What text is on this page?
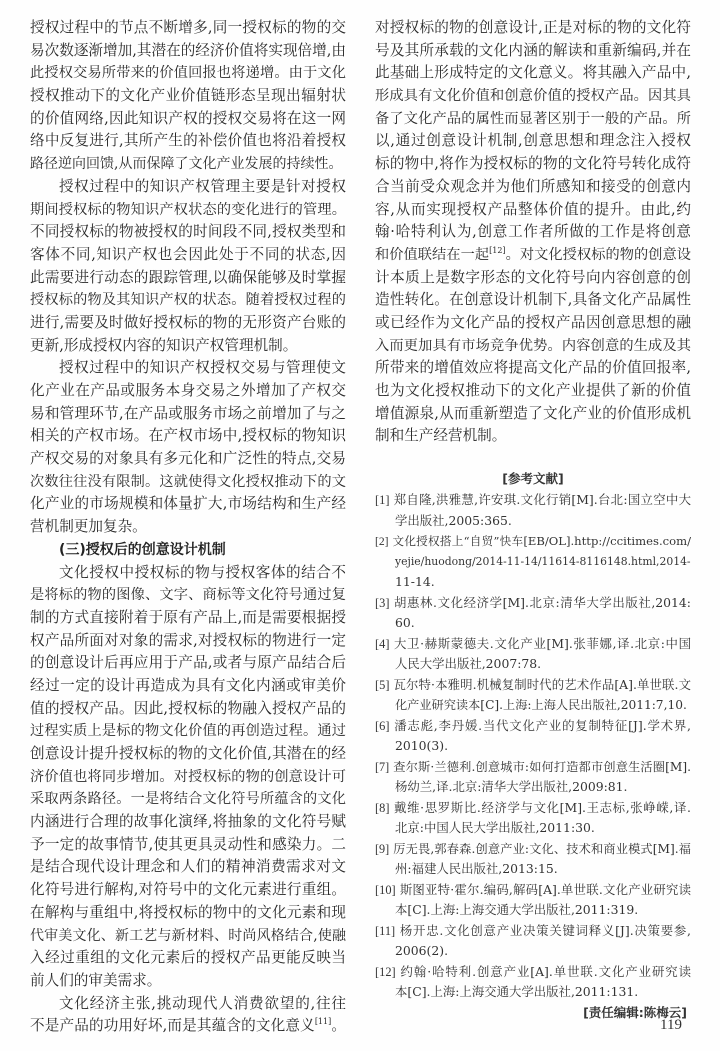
授权过程中的节点不断增多,同一授权标的物的交
易次数逐渐增加,其潜在的经济价值将实现倍增,由
此授权交易所带来的价值回报也将递增。由于文化
授权推动下的文化产业价值链形态呈现出辐射状
的价值网络,因此知识产权的授权交易将在这一网
络中反复进行,其所产生的补偿价值也将沿着授权
路径逆向回馈,从而保障了文化产业发展的持续性。
授权过程中的知识产权管理主要是针对授权
期间授权标的物知识产权状态的变化进行的管理。
不同授权标的物被授权的时间段不同,授权类型和
客体不同,知识产权也会因此处于不同的状态,因
此需要进行动态的跟踪管理,以确保能够及时掌握
授权标的物及其知识产权的状态。随着授权过程的
进行,需要及时做好授权标的物的无形资产台账的
更新,形成授权内容的知识产权管理机制。
授权过程中的知识产权授权交易与管理使文
化产业在产品或服务本身交易之外增加了产权交
易和管理环节,在产品或服务市场之前增加了与之
相关的产权市场。在产权市场中,授权标的物知识
产权交易的对象具有多元化和广泛性的特点,交易
次数往往没有限制。这就使得文化授权推动下的文
化产业的市场规模和体量扩大,市场结构和生产经
营机制更加复杂。
(三)授权后的创意设计机制
文化授权中授权标的物与授权客体的结合不
是将标的物的图像、文字、商标等文化符号通过复
制的方式直接附着于原有产品上,而是需要根据授
权产品所面对对象的需求,对授权标的物进行一定
的创意设计后再应用于产品,或者与原产品结合后
经过一定的设计再造成为具有文化内涵或审美价
值的授权产品。因此,授权标的物融入授权产品的
过程实质上是标的物文化价值的再创造过程。通过
创意设计提升授权标的物的文化价值,其潜在的经
济价值也将同步增加。对授权标的物的创意设计可
采取两条路径。一是将结合文化符号所蕴含的文化
内涵进行合理的故事化演绎,将抽象的文化符号赋
予一定的故事情节,使其更具灵动性和感染力。二
是结合现代设计理念和人们的精神消费需求对文
化符号进行解构,对符号中的文化元素进行重组。
在解构与重组中,将授权标的物中的文化元素和现
代审美文化、新工艺与新材料、时尚风格结合,使融
入经过重组的文化元素后的授权产品更能反映当
前人们的审美需求。
文化经济主张,挑动现代人消费欲望的,往往
不是产品的功用好坏,而是其蕴含的文化意义[11]。
对授权标的物的创意设计,正是对标的物的文化符
号及其所承载的文化内涵的解读和重新编码,并在
此基础上形成特定的文化意义。将其融入产品中,
形成具有文化价值和创意价值的授权产品。因其具
备了文化产品的属性而显著区别于一般的产品。所
以,通过创意设计机制,创意思想和理念注入授权
标的物中,将作为授权标的物的文化符号转化成符
合当前受众观念并为他们所感知和接受的创意内
容,从而实现授权产品整体价值的提升。由此,约
翰·哈特利认为,创意工作者所做的工作是将创意
和价值联结在一起[12]。对文化授权标的物的创意设
计本质上是数字形态的文化符号向内容创意的创
造性转化。在创意设计机制下,具备文化产品属性
或已经作为文化产品的授权产品因创意思想的融
入而更加具有市场竞争优势。内容创意的生成及其
所带来的增值效应将提高文化产品的价值回报率,
也为文化授权推动下的文化产业提供了新的价值
增值源泉,从而重新塑造了文化产业的价值形成机
制和生产经营机制。
[参考文献]
[1] 郑自隆,洪雅慧,许安琪.文化行销[M].台北:国立空中大
学出版社,2005:365.
[2] 文化授权搭上“自贸”快车[EB/OL].http://ccitimes.com/
yejie/huodong/2014-11-14/11614-8116148.html,2014-
11-14.
[3] 胡惠林.文化经济学[M].北京:清华大学出版社,2014:
60.
[4] 大卫·赫斯蒙德夫.文化产业[M].张菲娜,译.北京:中国
人民大学出版社,2007:78.
[5] 瓦尔特·本雅明.机械复制时代的艺术作品[A].单世联.文
化产业研究读本[C].上海:上海人民出版社,2011:7,10.
[6] 潘志彪,李丹媛.当代文化产业的复制特征[J].学术界,
2010(3).
[7] 查尔斯·兰德利.创意城市:如何打造都市创意生活圈[M].
杨幼兰,译.北京:清华大学出版社,2009:81.
[8] 戴维·思罗斯比.经济学与文化[M].王志标,张峥嵘,译.
北京:中国人民大学出版社,2011:30.
[9] 厉无畏,郭春森.创意产业:文化、技术和商业模式[M].福
州:福建人民出版社,2013:15.
[10] 斯图亚特·霍尔.编码,解码[A].单世联.文化产业研究读
本[C].上海:上海交通大学出版社,2011:319.
[11] 杨开忠.文化创意产业决策关键词释义[J].决策要参,
2006(2).
[12] 约翰·哈特利.创意产业[A].单世联.文化产业研究读
本[C].上海:上海交通大学出版社,2011:131.
[责任编辑:陈梅云]
119
